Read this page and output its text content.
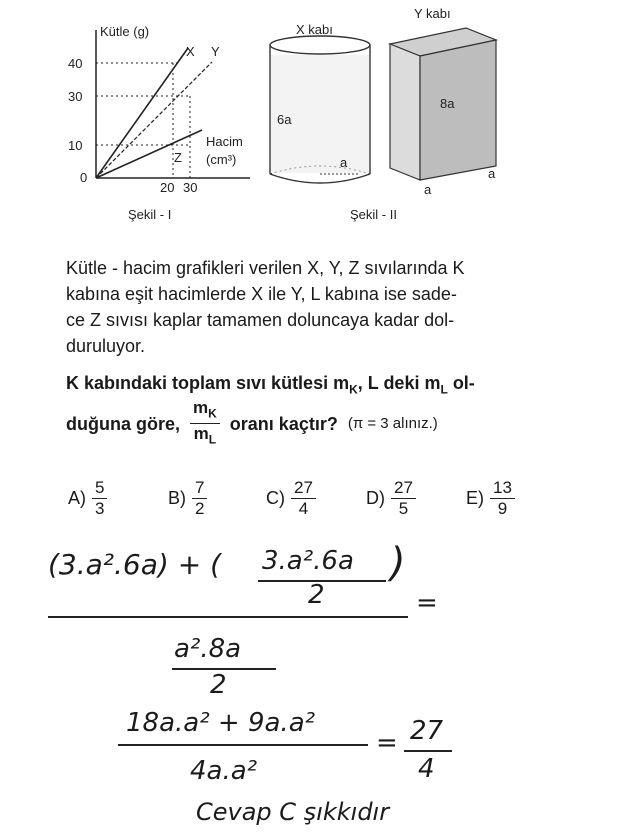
Kütle (g)
40
30
10
0
20 30
X Y
Z
Hacim
(cm³)
Şekil - I
X kabı
6a
a
Y kabı
8a
a
a
Şekil - II
Kütle - hacim grafikleri verilen X, Y, Z sıvılarında K
kabına eşit hacimlerde X ile Y, L kabına ise sade-
ce Z sıvısı kaplar tamamen doluncaya kadar dol-
duruluyor.
K kabındaki toplam sıvı kütlesi $m_K$, L deki $m_L$ ol-
duğuna göre, $\frac{m_K}{m_L}$ oranı kaçtır? (π = 3 alınız.)
$A) \frac{5}{3}$	$B) \frac{7}{2}$	$C) \frac{27}{4}$	$D) \frac{27}{5}$	$E) \frac{13}{9}$
(3.a².6a) + ( 3.a².6a
2
)
=
a².8a
2
18a.a² + 9a.a²
4a.a²
= 27
4
Cevap C şıkkıdır
